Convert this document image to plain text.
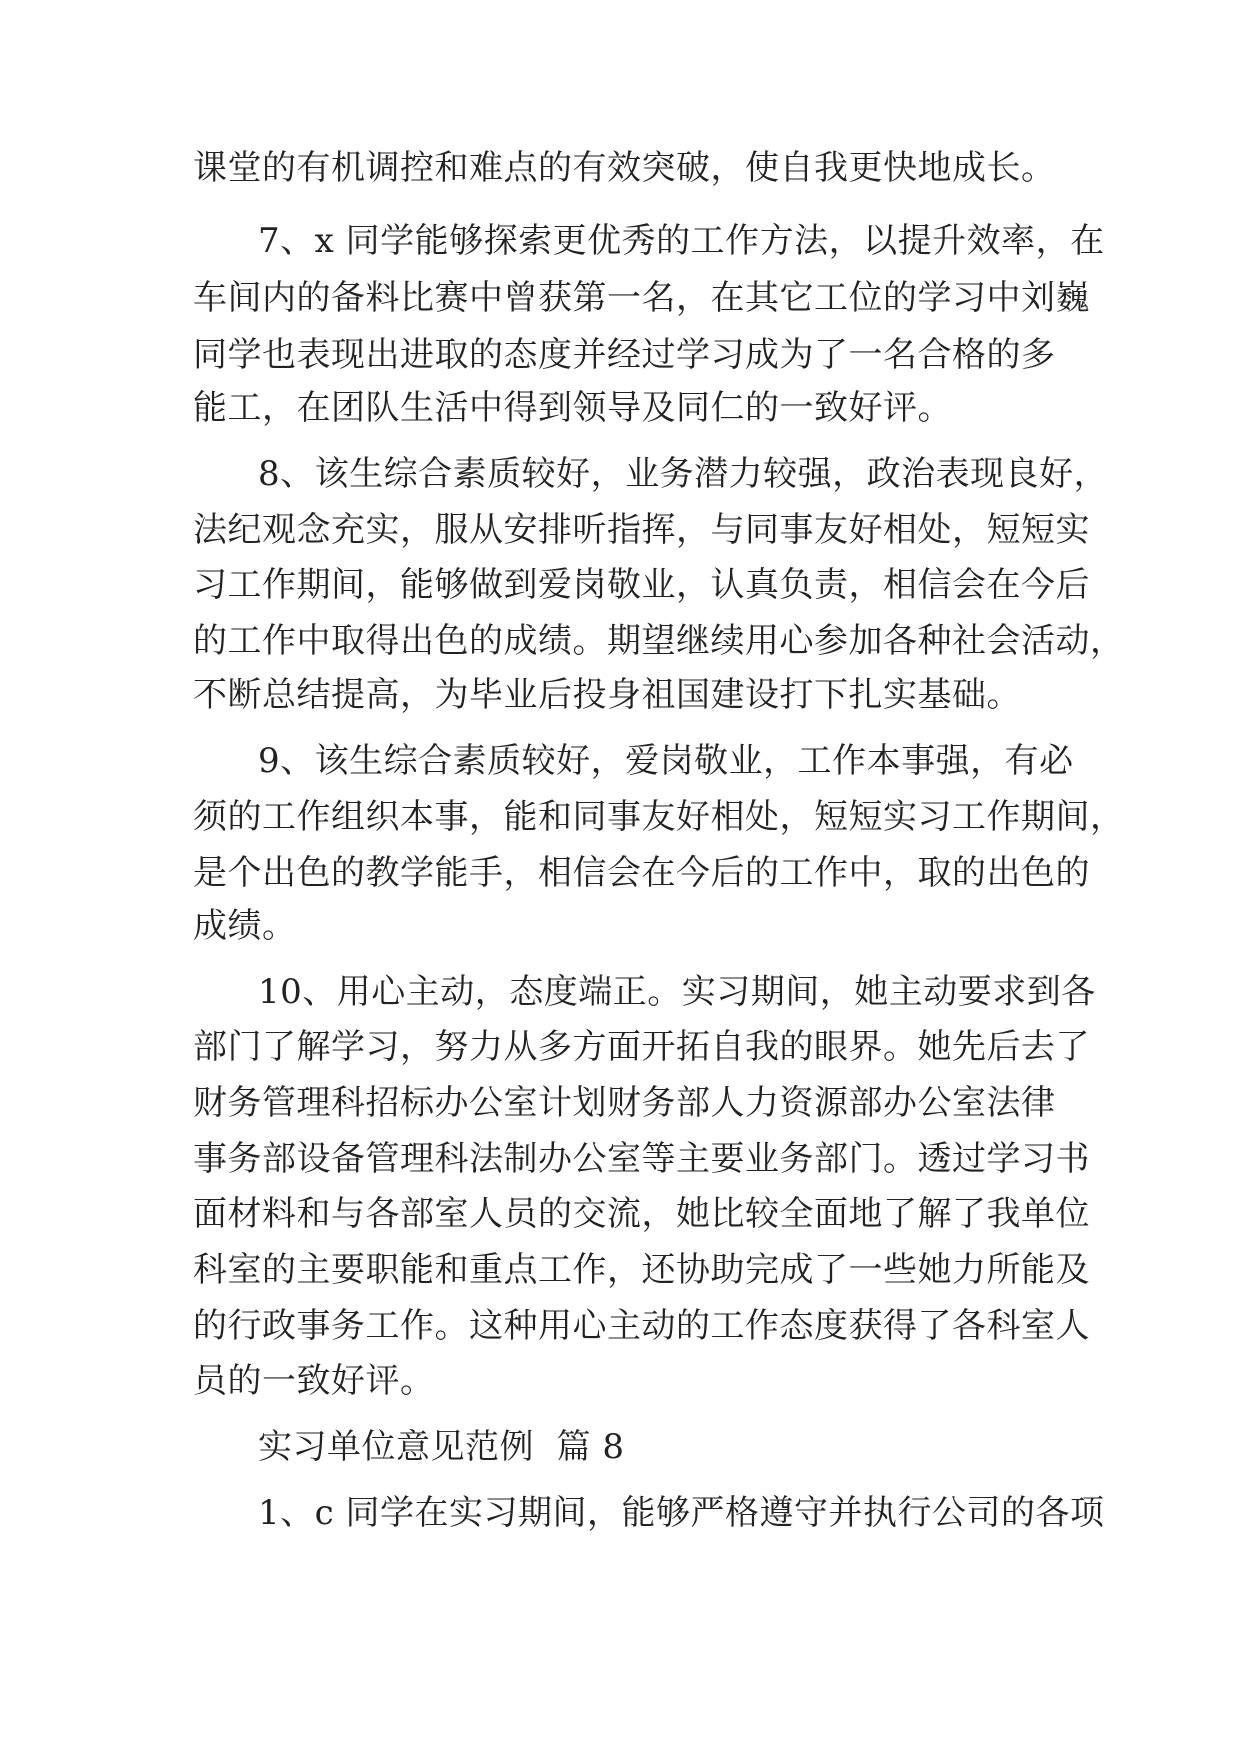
课堂的有机调控和难点的有效突破，使自我更快地成长。
7、x 同学能够探索更优秀的工作方法，以提升效率，在
车间内的备料比赛中曾获第一名，在其它工位的学习中刘巍
同学也表现出进取的态度并经过学习成为了一名合格的多
能工，在团队生活中得到领导及同仁的一致好评。
8、该生综合素质较好，业务潜力较强，政治表现良好，
法纪观念充实，服从安排听指挥，与同事友好相处，短短实
习工作期间，能够做到爱岗敬业，认真负责，相信会在今后
的工作中取得出色的成绩。期望继续用心参加各种社会活动，
不断总结提高，为毕业后投身祖国建设打下扎实基础。
9、该生综合素质较好，爱岗敬业，工作本事强，有必
须的工作组织本事，能和同事友好相处，短短实习工作期间，
是个出色的教学能手，相信会在今后的工作中，取的出色的
成绩。
10、用心主动，态度端正。实习期间，她主动要求到各
部门了解学习，努力从多方面开拓自我的眼界。她先后去了
财务管理科招标办公室计划财务部人力资源部办公室法律
事务部设备管理科法制办公室等主要业务部门。透过学习书
面材料和与各部室人员的交流，她比较全面地了解了我单位
科室的主要职能和重点工作，还协助完成了一些她力所能及
的行政事务工作。这种用心主动的工作态度获得了各科室人
员的一致好评。
实习单位意见范例  篇 8
1、c 同学在实习期间，能够严格遵守并执行公司的各项
